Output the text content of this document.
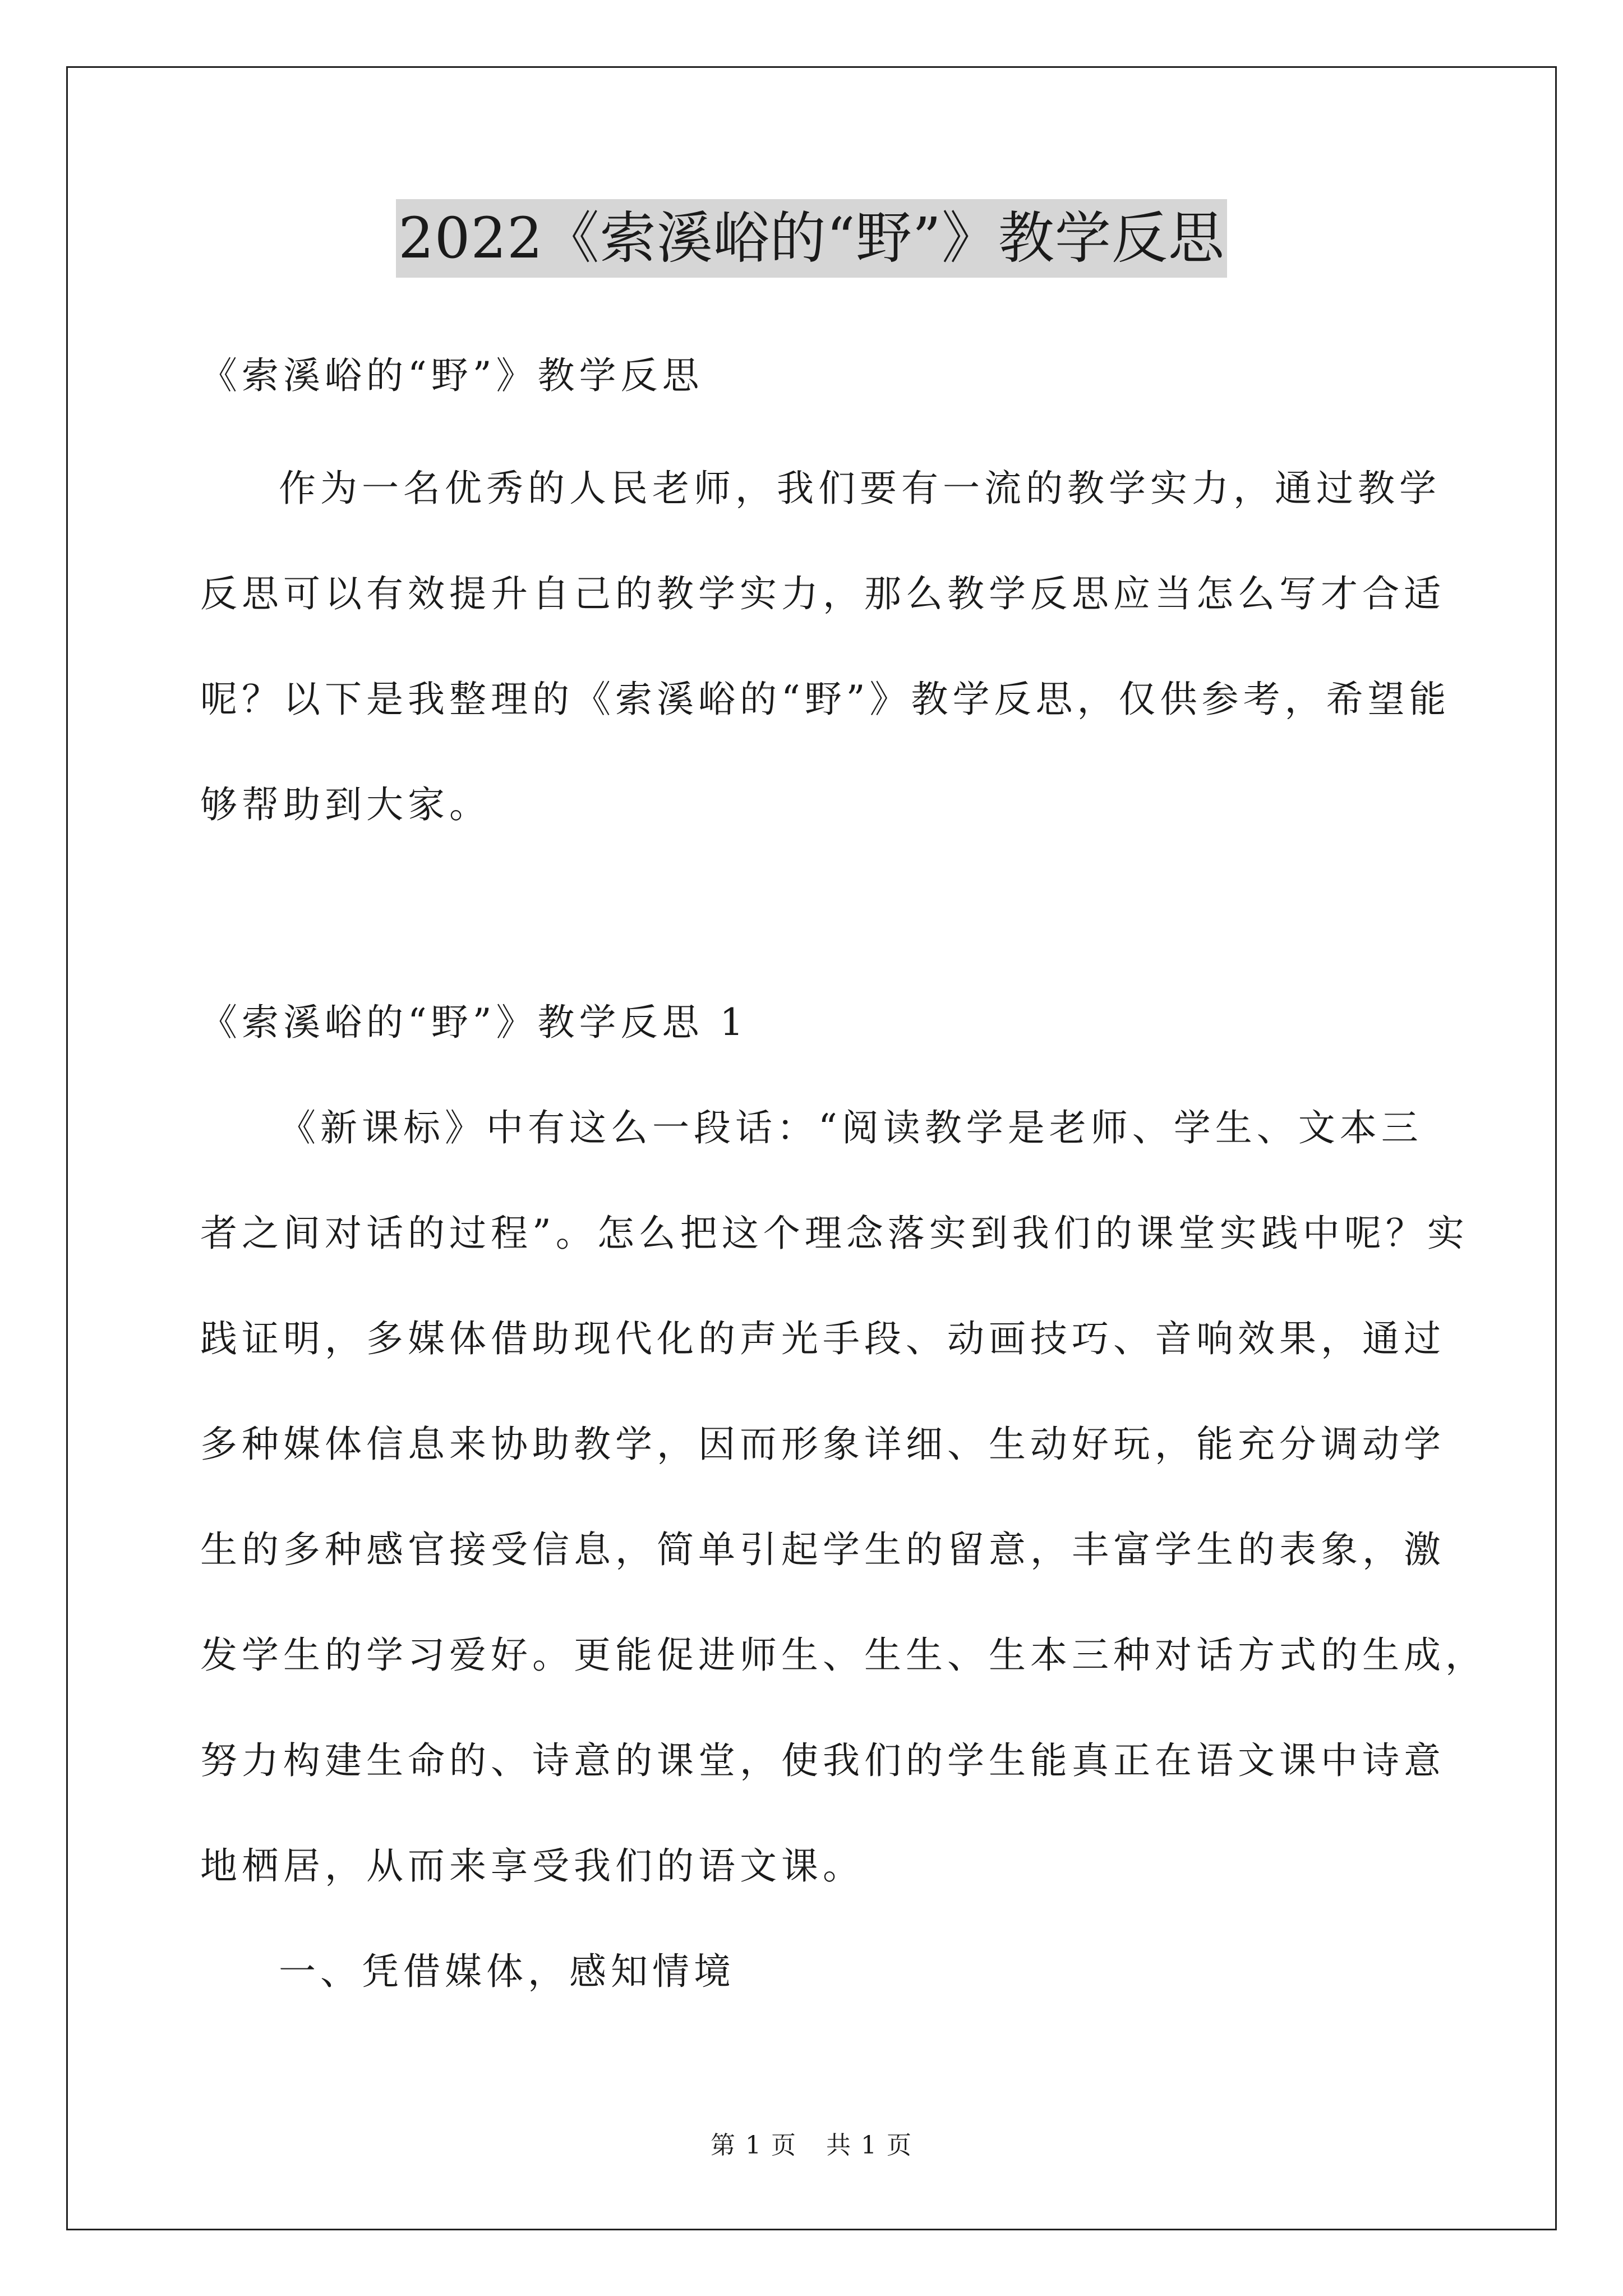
2022《索溪峪的“野”》教学反思
《索溪峪的“野”》教学反思
作为一名优秀的人民老师，我们要有一流的教学实力，通过教学
反思可以有效提升自己的教学实力，那么教学反思应当怎么写才合适
呢？以下是我整理的《索溪峪的“野”》教学反思，仅供参考，希望能
够帮助到大家。
《索溪峪的“野”》教学反思 1
《新课标》中有这么一段话：“阅读教学是老师、学生、文本三
者之间对话的过程”。怎么把这个理念落实到我们的课堂实践中呢？实
践证明，多媒体借助现代化的声光手段、动画技巧、音响效果，通过
多种媒体信息来协助教学，因而形象详细、生动好玩，能充分调动学
生的多种感官接受信息，简单引起学生的留意，丰富学生的表象，激
发学生的学习爱好。更能促进师生、生生、生本三种对话方式的生成，
努力构建生命的、诗意的课堂，使我们的学生能真正在语文课中诗意
地栖居，从而来享受我们的语文课。
一、凭借媒体，感知情境
第 1 页 共 1 页
